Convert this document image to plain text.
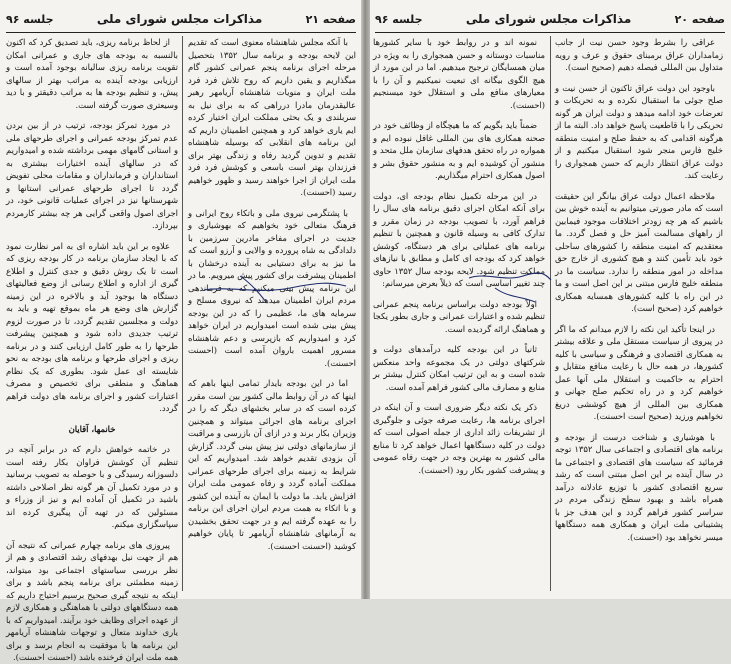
صفحه ۲۱
مذاکرات مجلس شورای ملی
جلسه ۹۶

با آنکه مجلس شاهنشاه معنوی است که تقدیم این لایحه بودجه و برنامه سال ۱۳۵۲ بتحصیل مرحله اجرای برنامه پنجم عمرانی کشور گام میگذاریم و یقین داریم که روح تلاش فرد فرد ملت ایران و منویات شاهنشاه آریامهر رهبر عالیقدرمان مادرا درراهی که به برای نیل به سربلندی و یک بحثی مملکت ایران اختیار کرده ایم یاری خواهد کرد و همچنین اطمینان داریم که این برنامه های انقلابی که بوسیله شاهنشاه تقدیم و تدوین گردید رفاه و زندگی بهتر برای فرزندان بهتر است باسعی و کوشش فرد فرد ملت ایران از اجرا خواهند رسید و ظهور خواهیم رسید (احسنت).

با پشتگرمی نیروی ملی و باتکاء روح ایرانی و فرهنگ متعالی خود بخواهیم که بهوشیاری و جدیت در اجرای مفاخر مادرین سرزمین با دلدادگی به شاه پرورده و والایی و آرزو است که ما نیز به برای دستیابی به آینده درخشان با اطمینان پیشرفت برای کشور پیش میرویم. ما در این برنامه پیش بینی میکنیم که به فرماندهی مردم ایران اطمینان میدهند که نیروی مسلح و سرمایه های ما، عظیمی را که در این بودجه پیش بینی شده است امیدواریم در ایران خواهد کرد و امیدواریم که بازپرسی و دعم شاهنشاه مسرور اهمیت باروان آمده است (احسنت احسنت).

اما در این بودجه بایدار تمامی اینها باهم که اینها که در آن روابط مالی کشور بین است مقرر کرده است که در سایر بخشهای دیگر که را در اجرای برنامه های اجرائی میتواند و همچنین وزیران بکار برند و در ازای آن بازرسی و مراقبت از سازمانهای دولتی نیز پیش بینی گردد. گزارش آن بزودی تقدیم خواهد شد. امیدواریم که این شرایط به زمینه برای اجرای طرحهای عمرانی مملکت آماده گردد و رفاه عمومی ملت ایران افزایش یابد. ما دولت با ایمان به آینده این کشور و با اتکاء به همت مردم ایران اجرای این برنامه را به عهده گرفته ایم و در جهت تحقق بخشیدن به آرمانهای شاهنشاه آریامهر تا پایان خواهیم کوشید (احسنت احسنت).

از لحاظ برنامه ریزی، باید تصدیق کرد که اکنون بالنسبه به بودجه های جاری و عمرانی امکان تقویت برنامه ریزی سالیانه بوجود آمده است و ارزیابی بودجه آینده به مراتب بهتر از سالهای پیش، و تنظیم بودجه ها به مراتب دقیقتر و با دید وسیعتری صورت گرفته است.

در مورد تمرکز بودجه، ترتیب در از بین بردن عدم تمرکز بودجه عمرانی و اجرای طرحهای ملی و استانی گامهای مهمی برداشته شده و امیدواریم که در سالهای آینده اختیارات بیشتری به استانداران و فرمانداران و مقامات محلی تفویض گردد تا اجرای طرحهای عمرانی استانها و شهرستانها نیز در اجرای عملیات قانونی خود، در اجرای اصول واقعی گرایی هر چه بیشتر کارمردم بپردازد.

علاوه بر این باید اشاره ای به امر نظارت نمود که با ایجاد سازمان برنامه در کار بودجه ریزی که است تا یک روش دقیق و جدی کنترل و اطلاع گیری از اداره و اطلاع رسانی از وضع فعالیتهای دستگاه ها بوجود آید و بالاخره در این زمینه گزارش های وضع هر ماه بموقع تهیه و باید به دولت و مجلسین تقدیم گردد، تا در صورت لزوم ترتیب جدیدی داده شود و همچنین پیشرفت طرحها را به طور کامل ارزیابی کنند و در برنامه ریزی و اجرای طرحها و برنامه های بودجه به نحو شایسته ای عمل شود. بطوری که یک نظام هماهنگ و منطقی برای تخصیص و مصرف اعتبارات کشور و اجرای برنامه های دولت فراهم گردد.

خانمها، آقایان

در خاتمه خواهش دارم که در برابر آنچه در تنظیم آن کوشش فراوان بکار رفته است دلسوزانه رسیدگی و با حوصله به تصویب برسانید و در مورد تکمیل آن هر گونه نظر اصلاحی داشته باشید در تکمیل آن آماده ایم و نیز از وزراء و مسئولین که در تهیه آن پیگیری کرده اند سپاسگزاری میکنم.

پیروزی های برنامه چهارم عمرانی که نتیجه آن هم از جهت نیل بهدفهای رشد اقتصادی و هم از نظر بررسی سیاستهای اجتماعی بود میتواند، زمینه مطمئنی برای برنامه پنجم باشد و برای اینکه به نتیجه گیری صحیح برسیم احتیاج داریم که همه دستگاههای دولتی با هماهنگی و همکاری لازم از عهده اجرای وظایف خود برآیند. امیدواریم که با یاری خداوند متعال و توجهات شاهنشاه آریامهر این برنامه ها با موفقیت به انجام برسد و برای همه ملت ایران فرخنده باشد (احسنت احسنت).

صفحه ۲۰
مذاکرات مجلس شورای ملی
جلسه ۹۶

عراقی را بشرط وجود حسن نیت از جانب زمامداران عراق برمبنای حقوق و عرف و رویه متداول بین المللی فیصله دهیم (صحیح است).

باوجود این دولت عراق تاکنون از حسن نیت و صلح جوئی ما استقبال نکرده و به تحریکات و تعرضات خود ادامه میدهد و دولت ایران هر گونه تحریکی را با قاطعیت پاسخ خواهد داد. البته ما از هرگونه اقدامی که به حفظ صلح و امنیت منطقه خلیج فارس منجر شود استقبال میکنیم و از دولت عراق انتظار داریم که حسن همجواری را رعایت کند.

ملاحظه اعمال دولت عراق بیانگر این حقیقت است که مادر صورتی میتوانیم به آینده خوش بین باشیم که هر چه زودتر اختلافات موجود فیمابین از راههای مسالمت آمیز حل و فصل گردد. ما معتقدیم که امنیت منطقه را کشورهای ساحلی خود باید تأمین کنند و هیچ کشوری از خارج حق مداخله در امور منطقه را ندارد. سیاست ما در منطقه خلیج فارس مبتنی بر این اصل است و ما در این راه با کلیه کشورهای همسایه همکاری خواهیم کرد (صحیح است).

در اینجا تأکید این نکته را لازم میدانم که ما اگر در پیروی از سیاست مستقل ملی و علاقه بیشتر به همکاری اقتصادی و فرهنگی و سیاسی با کلیه کشورها، در همه حال با رعایت منافع متقابل و احترام به حاکمیت و استقلال ملی آنها عمل خواهیم کرد و در راه تحکیم صلح جهانی و همکاری بین المللی از هیچ کوششی دریغ نخواهیم ورزید (صحیح است احسنت).

با هوشیاری و شناخت درست از بودجه و برنامه های اقتصادی و اجتماعی سال ۱۳۵۲ توجه فرمائید که سیاست های اقتصادی و اجتماعی ما در سال آینده بر این اصل مبتنی است که رشد سریع اقتصادی کشور با توزیع عادلانه درآمد همراه باشد و بهبود سطح زندگی مردم در سراسر کشور فراهم گردد و این هدف جز با پشتیبانی ملت ایران و همکاری همه دستگاهها میسر نخواهد بود (احسنت).

نمونه اند و در روابط خود با سایر کشورها مناسبات دوستانه و حسن همجواری را به ویژه در میان همسایگان ترجیح میدهیم. اما در این مورد از هیچ الگوی بیگانه ای تبعیت نمیکنیم و آن را با معیارهای منافع ملی و استقلال خود میسنجیم (احسنت).

ضمناً باید بگویم که ما هیچگاه از وظائف خود در صحنه همکاری های بین المللی غافل نبوده ایم و همواره در راه تحقق هدفهای سازمان ملل متحد و منشور آن کوشیده ایم و به منشور حقوق بشر و اصول همکاری احترام میگذاریم.

در این مرحله تکمیل نظام بودجه ای، دولت برای آنکه امکان اجرای دقیق برنامه های سال را فراهم آورد، با تصویب بودجه در زمان مقرر و تدارک کافی به وسیله قانون و همچنین با تنظیم برنامه های عملیاتی برای هر دستگاه، کوشش خواهد کرد که بودجه ای کامل و مطابق با نیازهای مملکت تنظیم شود. لایحه بودجه سال ۱۳۵۲ حاوی چند تغییر اساسی است که ذیلاً بعرض میرسانم:

اولاً بودجه دولت براساس برنامه پنجم عمرانی تنظیم شده و اعتبارات عمرانی و جاری بطور یکجا و هماهنگ ارائه گردیده است.

ثانیاً در این بودجه کلیه درآمدهای دولت و شرکتهای دولتی در یک مجموعه واحد منعکس شده است و به این ترتیب امکان کنترل بیشتر بر منابع و مصارف مالی کشور فراهم آمده است.

ذکر یک نکته دیگر ضروری است و آن اینکه در اجرای برنامه ها، رعایت صرفه جوئی و جلوگیری از تشریفات زائد اداری از جمله اصولی است که دولت در کلیه دستگاهها اعمال خواهد کرد تا منابع مالی کشور به بهترین وجه در جهت رفاه عمومی و پیشرفت کشور بکار رود (احسنت).
